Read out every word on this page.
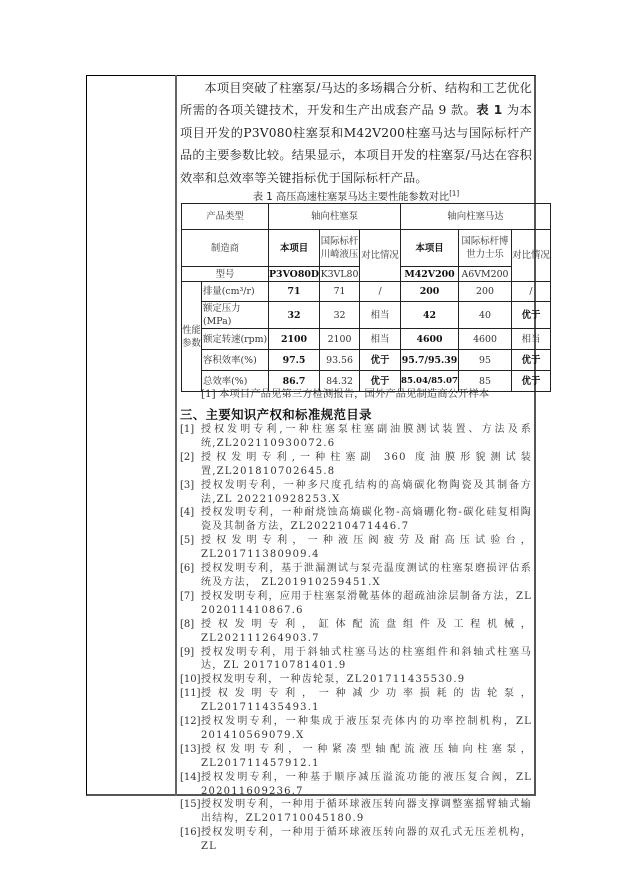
本项目突破了柱塞泵/马达的多场耦合分析、结构和工艺优化所需的各项关键技术，开发和生产出成套产品 9 款。表 1 为本项目开发的P3V080柱塞泵和M42V200柱塞马达与国际标杆产品的主要参数比较。结果显示，本项目开发的柱塞泵/马达在容积效率和总效率等关键指标优于国际标杆产品。

表 1 高压高速柱塞泵马达主要性能参数对比[1]
产品类型		轴向柱塞泵			轴向柱塞马达		
制造商		本项目	国际标杆川崎液压	对比情况	本项目	国际标杆博世力士乐	对比情况
型号		P3VO80D	K3VL80		M42V200	A6VM200	
性能参数	排量(cm³/r)	71	71	/	200	200	/
	额定压力(MPa)	32	32	相当	42	40	优于
	额定转速(rpm)	2100	2100	相当	4600	4600	相当
	容积效率(%)	97.5	93.56	优于	95.7/95.39	95	优于
	总效率(%)	86.7	84.32	优于	85.04/85.07	85	优于
[1] 本项目产品见第三方检测报告，国外产品见制造商公开样本
三、主要知识产权和标准规范目录
[1] 授权发明专利,一种柱塞泵柱塞副油膜测试装置、方法及系统,ZL202110930072.6
[2] 授权发明专利,一种柱塞副 360 度油膜形貌测试装置,ZL201810702645.8
[3] 授权发明专利，一种多尺度孔结构的高熵碳化物陶瓷及其制备方法,ZL 202210928253.X
[4] 授权发明专利，一种耐烧蚀高熵碳化物-高熵硼化物-碳化硅复相陶瓷及其制备方法，ZL202210471446.7
[5] 授权发明专利，一种液压阀疲劳及耐高压试验台，ZL201711380909.4
[6] 授权发明专利，基于泄漏测试与泵壳温度测试的柱塞泵磨损评估系统及方法， ZL201910259451.X
[7] 授权发明专利，应用于柱塞泵滑靴基体的超疏油涂层制备方法，ZL 202011410867.6
[8] 授权发明专利，缸体配流盘组件及工程机械，ZL202111264903.7
[9] 授权发明专利，用于斜轴式柱塞马达的柱塞组件和斜轴式柱塞马达，ZL 201710781401.9
[10] 授权发明专利，一种齿轮泵，ZL201711435530.9
[11] 授权发明专利，一种减少功率损耗的齿轮泵，ZL201711435493.1
[12] 授权发明专利，一种集成于液压泵壳体内的功率控制机构，ZL 201410569079.X
[13] 授权发明专利，一种紧凑型轴配流液压轴向柱塞泵，ZL201711457912.1
[14] 授权发明专利，一种基于顺序减压溢流功能的液压复合阀，ZL 202011609236.7
[15] 授权发明专利，一种用于循环球液压转向器支撑调整塞摇臂轴式输出结构，ZL201710045180.9
[16] 授权发明专利，一种用于循环球液压转向器的双孔式无压差机构，ZL
